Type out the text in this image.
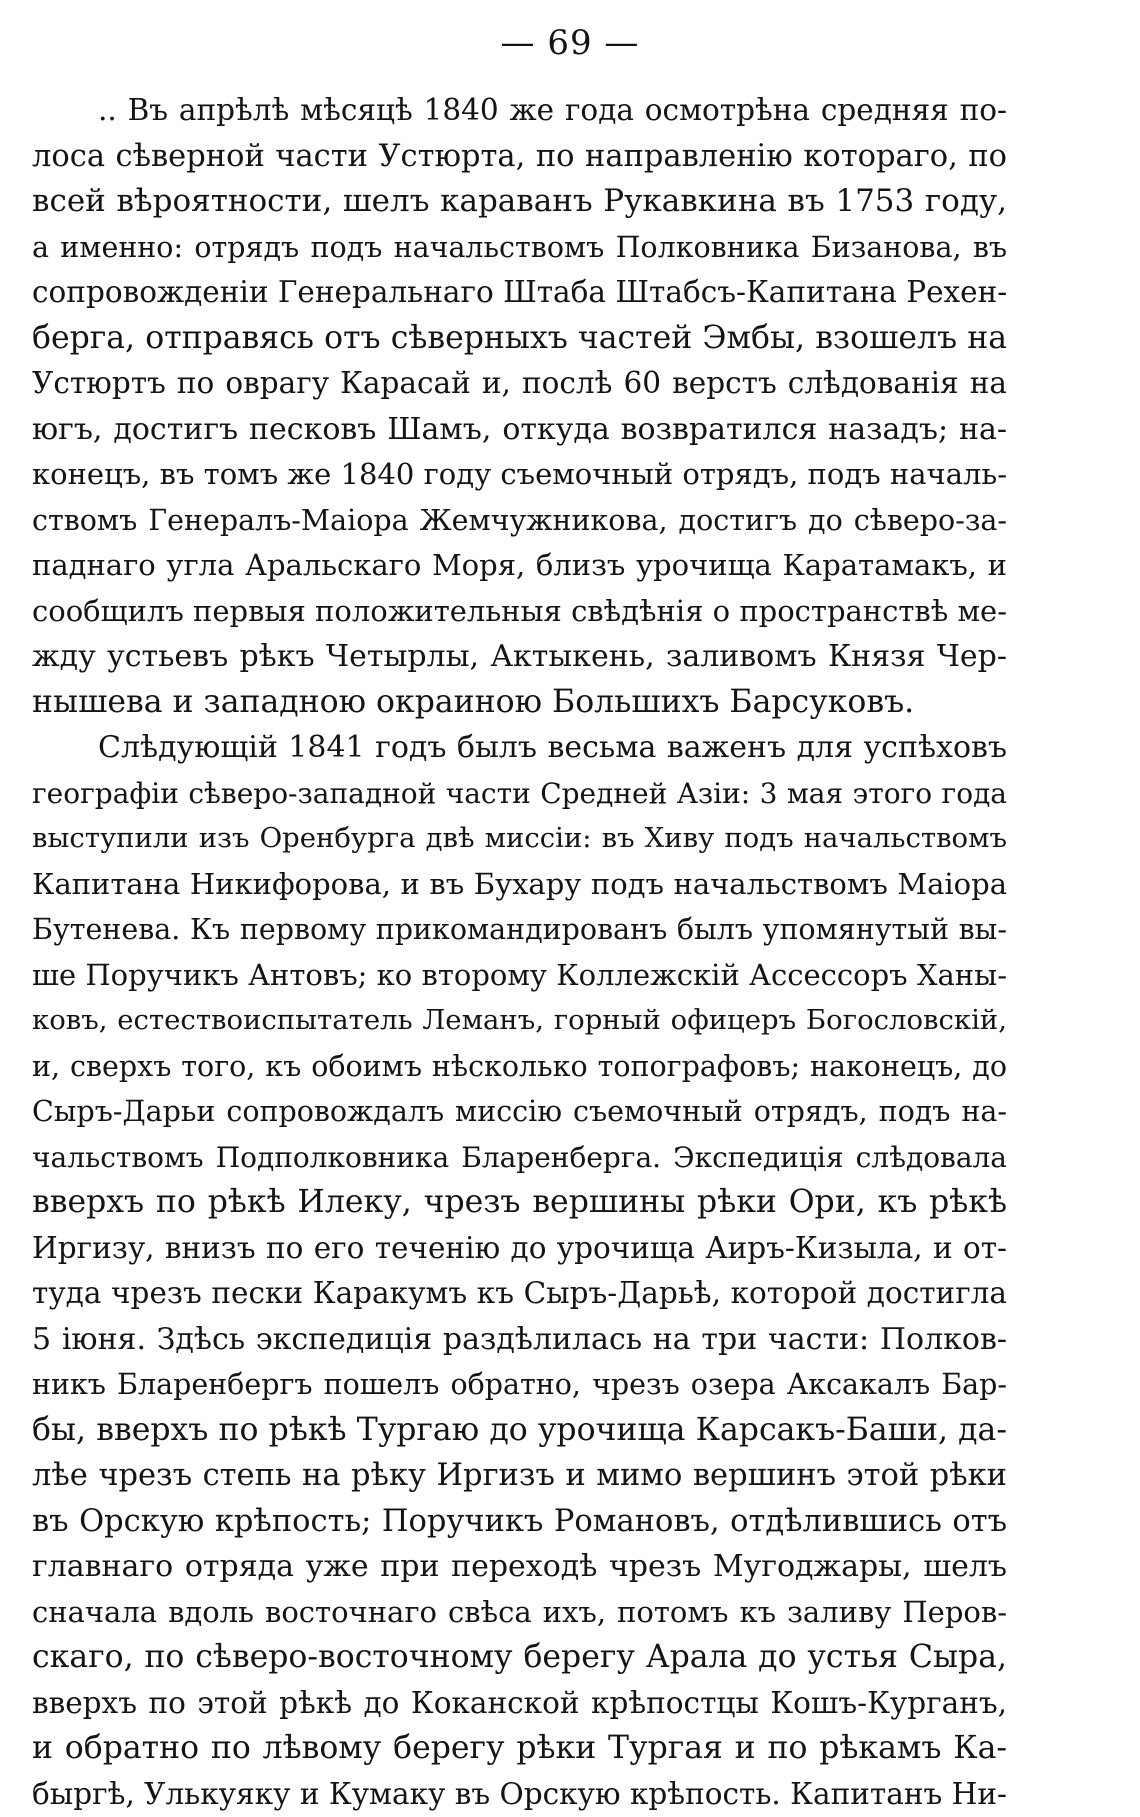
— 69 —
.. Въ апрѣлѣ мѣсяцѣ 1840 же года осмотрѣна средняя по-
лоса сѣверной части Устюрта, по направленію котораго, по
всей вѣроятности, шелъ караванъ Рукавкина въ 1753 году,
а именно: отрядъ подъ начальствомъ Полковника Бизанова, въ
сопровожденіи Генеральнаго Штаба Штабсъ-Капитана Рехен-
берга, отправясь отъ сѣверныхъ частей Эмбы, взошелъ на
Устюртъ по оврагу Карасай и, послѣ 60 верстъ слѣдованія на
югъ, достигъ песковъ Шамъ, откуда возвратился назадъ; на-
конецъ, въ томъ же 1840 году съемочный отрядъ, подъ началь-
ствомъ Генералъ-Маіора Жемчужникова, достигъ до сѣверо-за-
паднаго угла Аральскаго Моря, близъ урочища Каратамакъ, и
сообщилъ первыя положительныя свѣдѣнія о пространствѣ ме-
жду устьевъ рѣкъ Четырлы, Актыкень, заливомъ Князя Чер-
нышева и западною окраиною Большихъ Барсуковъ.
Слѣдующій 1841 годъ былъ весьма важенъ для успѣховъ
географіи сѣверо-западной части Средней Азіи: 3 мая этого года
выступили изъ Оренбурга двѣ миссіи: въ Хиву подъ начальствомъ
Капитана Никифорова, и въ Бухару подъ начальствомъ Маіора
Бутенева. Къ первому прикомандированъ былъ упомянутый вы-
ше Поручикъ Антовъ; ко второму Коллежскій Ассессоръ Ханы-
ковъ, естествоиспытатель Леманъ, горный офицеръ Богословскій,
и, сверхъ того, къ обоимъ нѣсколько топографовъ; наконецъ, до
Сыръ-Дарьи сопровождалъ миссію съемочный отрядъ, подъ на-
чальствомъ Подполковника Бларенберга. Экспедиція слѣдовала
вверхъ по рѣкѣ Илеку, чрезъ вершины рѣки Ори, къ рѣкѣ
Иргизу, внизъ по его теченію до урочища Аиръ-Кизыла, и от-
туда чрезъ пески Каракумъ къ Сыръ-Дарьѣ, которой достигла
5 іюня. Здѣсь экспедиція раздѣлилась на три части: Полков-
никъ Бларенбергъ пошелъ обратно, чрезъ озера Аксакалъ Бар-
бы, вверхъ по рѣкѣ Тургаю до урочища Карсакъ-Баши, да-
лѣе чрезъ степь на рѣку Иргизъ и мимо вершинъ этой рѣки
въ Орскую крѣпость; Поручикъ Романовъ, отдѣлившись отъ
главнаго отряда уже при переходѣ чрезъ Мугоджары, шелъ
сначала вдоль восточнаго свѣса ихъ, потомъ къ заливу Перов-
скаго, по сѣверо-восточному берегу Арала до устья Сыра,
вверхъ по этой рѣкѣ до Коканской крѣпостцы Кошъ-Курганъ,
и обратно по лѣвому берегу рѣки Тургая и по рѣкамъ Ка-
быргѣ, Улькуяку и Кумаку въ Орскую крѣпость. Капитанъ Ни-
